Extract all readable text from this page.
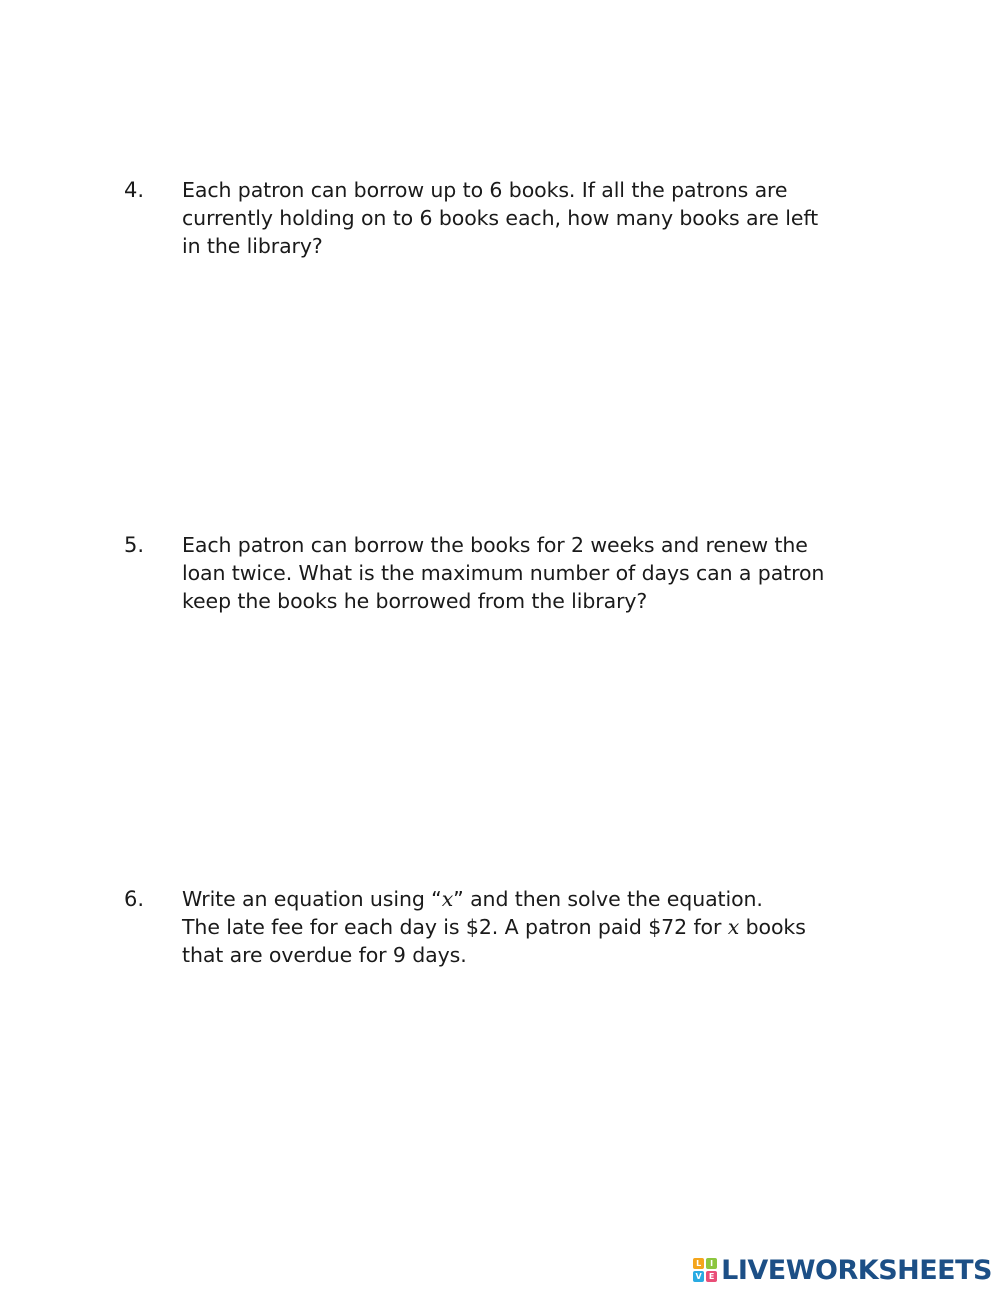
4. Each patron can borrow up to 6 books. If all the patrons are
currently holding on to 6 books each, how many books are left
in the library?
5. Each patron can borrow the books for 2 weeks and renew the
loan twice. What is the maximum number of days can a patron
keep the books he borrowed from the library?
6. Write an equation using “x” and then solve the equation.
The late fee for each day is $2. A patron paid $72 for x books
that are overdue for 9 days.
L	I
V E LIVEWORKSHEETS
